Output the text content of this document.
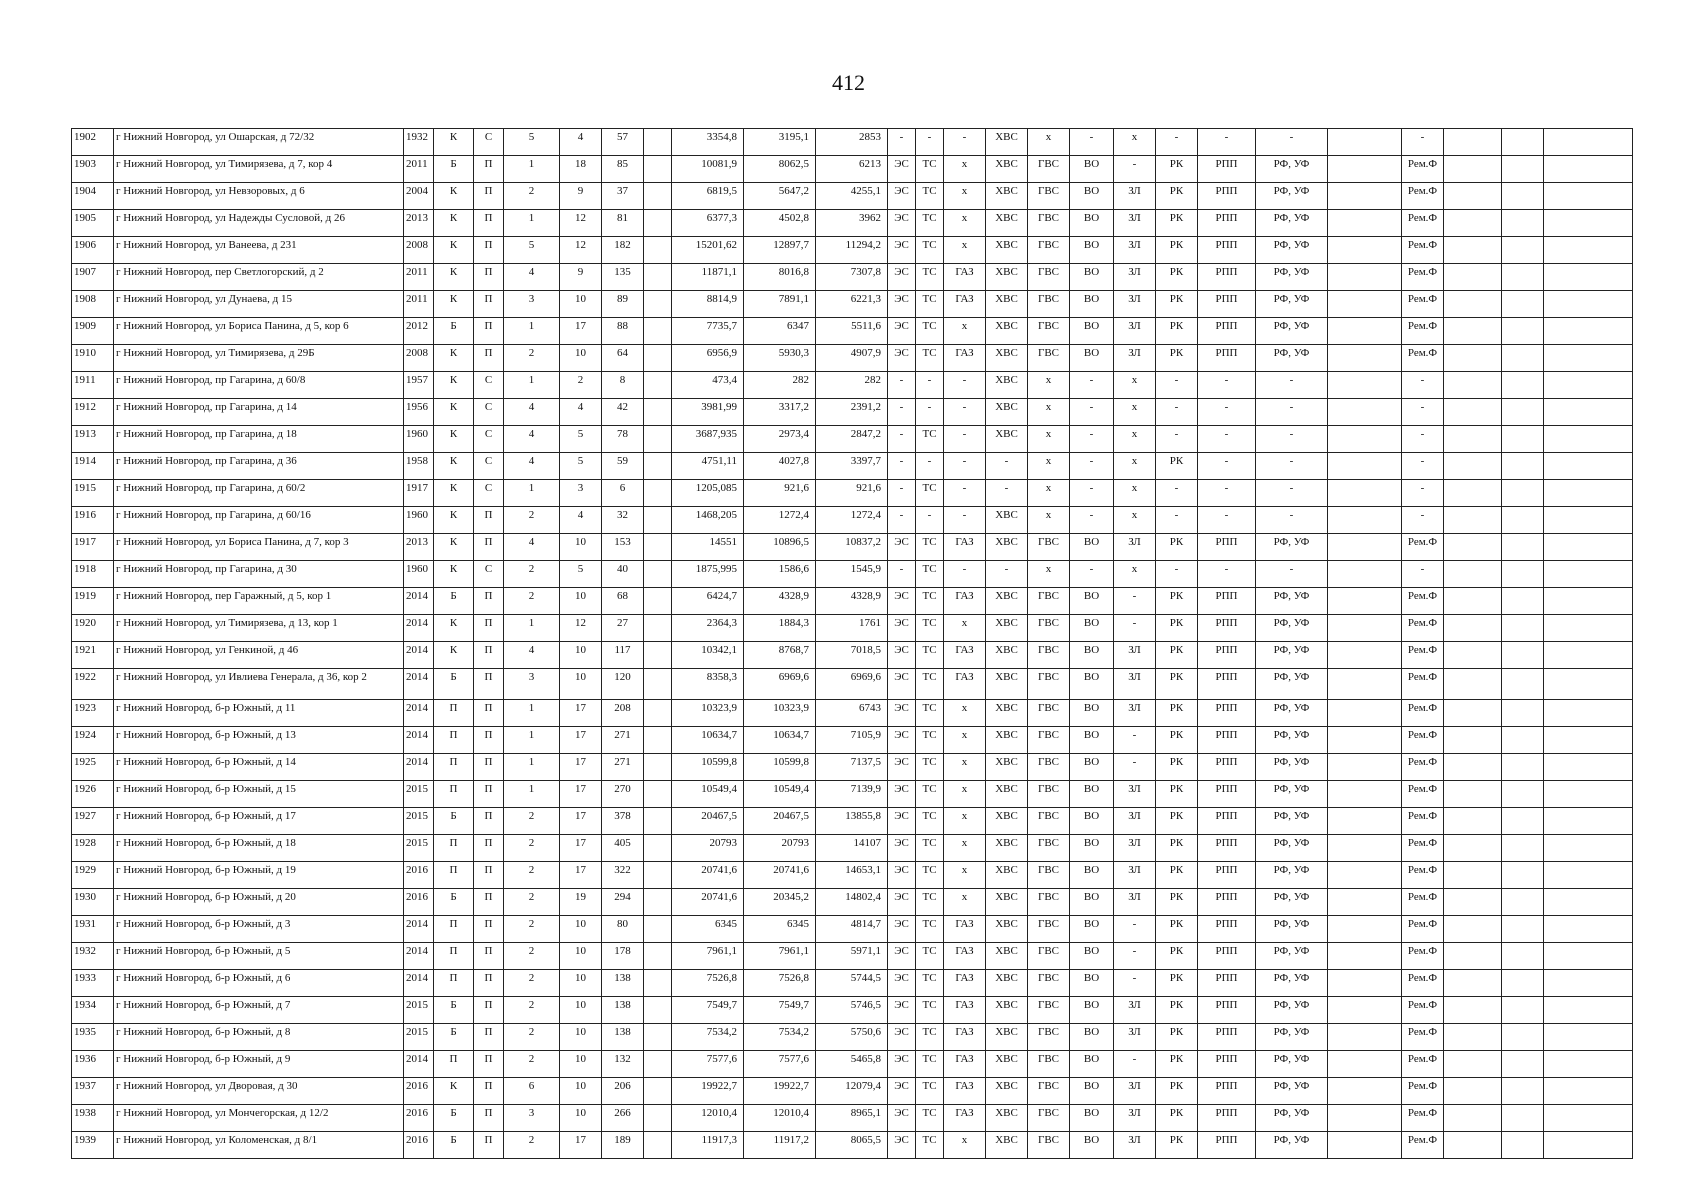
412
1902	г Нижний Новгород, ул Ошарская, д 72/32	1932	К	С	5	4	57		3354,8	3195,1	2853	-	-	-	ХВС	х	-	х	-	-	-		-			
1903	г Нижний Новгород, ул Тимирязева, д 7, кор 4	2011	Б	П	1	18	85		10081,9	8062,5	6213	ЭС	ТС	х	ХВС	ГВС	ВО	-	РК	РПП	РФ, УФ		Рем.Ф			
1904	г Нижний Новгород, ул Невзоровых, д 6	2004	К	П	2	9	37		6819,5	5647,2	4255,1	ЭС	ТС	х	ХВС	ГВС	ВО	ЗЛ	РК	РПП	РФ, УФ		Рем.Ф			
1905	г Нижний Новгород, ул Надежды Сусловой, д 26	2013	К	П	1	12	81		6377,3	4502,8	3962	ЭС	ТС	х	ХВС	ГВС	ВО	ЗЛ	РК	РПП	РФ, УФ		Рем.Ф			
1906	г Нижний Новгород, ул Ванеева, д 231	2008	К	П	5	12	182		15201,62	12897,7	11294,2	ЭС	ТС	х	ХВС	ГВС	ВО	ЗЛ	РК	РПП	РФ, УФ		Рем.Ф			
1907	г Нижний Новгород, пер Светлогорский, д 2	2011	К	П	4	9	135		11871,1	8016,8	7307,8	ЭС	ТС	ГАЗ	ХВС	ГВС	ВО	ЗЛ	РК	РПП	РФ, УФ		Рем.Ф			
1908	г Нижний Новгород, ул Дунаева, д 15	2011	К	П	3	10	89		8814,9	7891,1	6221,3	ЭС	ТС	ГАЗ	ХВС	ГВС	ВО	ЗЛ	РК	РПП	РФ, УФ		Рем.Ф			
1909	г Нижний Новгород, ул Бориса Панина, д 5, кор 6	2012	Б	П	1	17	88		7735,7	6347	5511,6	ЭС	ТС	х	ХВС	ГВС	ВО	ЗЛ	РК	РПП	РФ, УФ		Рем.Ф			
1910	г Нижний Новгород, ул Тимирязева, д 29Б	2008	К	П	2	10	64		6956,9	5930,3	4907,9	ЭС	ТС	ГАЗ	ХВС	ГВС	ВО	ЗЛ	РК	РПП	РФ, УФ		Рем.Ф			
1911	г Нижний Новгород, пр Гагарина, д 60/8	1957	К	С	1	2	8		473,4	282	282	-	-	-	ХВС	х	-	х	-	-	-		-			
1912	г Нижний Новгород, пр Гагарина, д 14	1956	К	С	4	4	42		3981,99	3317,2	2391,2	-	-	-	ХВС	х	-	х	-	-	-		-			
1913	г Нижний Новгород, пр Гагарина, д 18	1960	К	С	4	5	78		3687,935	2973,4	2847,2	-	ТС	-	ХВС	х	-	х	-	-	-		-			
1914	г Нижний Новгород, пр Гагарина, д 36	1958	К	С	4	5	59		4751,11	4027,8	3397,7	-	-	-	-	х	-	х	РК	-	-		-			
1915	г Нижний Новгород, пр Гагарина, д 60/2	1917	К	С	1	3	6		1205,085	921,6	921,6	-	ТС	-	-	х	-	х	-	-	-		-			
1916	г Нижний Новгород, пр Гагарина, д 60/16	1960	К	П	2	4	32		1468,205	1272,4	1272,4	-	-	-	ХВС	х	-	х	-	-	-		-			
1917	г Нижний Новгород, ул Бориса Панина, д 7, кор 3	2013	К	П	4	10	153		14551	10896,5	10837,2	ЭС	ТС	ГАЗ	ХВС	ГВС	ВО	ЗЛ	РК	РПП	РФ, УФ		Рем.Ф			
1918	г Нижний Новгород, пр Гагарина, д 30	1960	К	С	2	5	40		1875,995	1586,6	1545,9	-	ТС	-	-	х	-	х	-	-	-		-			
1919	г Нижний Новгород, пер Гаражный, д 5, кор 1	2014	Б	П	2	10	68		6424,7	4328,9	4328,9	ЭС	ТС	ГАЗ	ХВС	ГВС	ВО	-	РК	РПП	РФ, УФ		Рем.Ф			
1920	г Нижний Новгород, ул Тимирязева, д 13, кор 1	2014	К	П	1	12	27		2364,3	1884,3	1761	ЭС	ТС	х	ХВС	ГВС	ВО	-	РК	РПП	РФ, УФ		Рем.Ф			
1921	г Нижний Новгород, ул Генкиной, д 46	2014	К	П	4	10	117		10342,1	8768,7	7018,5	ЭС	ТС	ГАЗ	ХВС	ГВС	ВО	ЗЛ	РК	РПП	РФ, УФ		Рем.Ф			
1922	г Нижний Новгород, ул Ивлиева Генерала, д 36, кор 2	2014	Б	П	3	10	120		8358,3	6969,6	6969,6	ЭС	ТС	ГАЗ	ХВС	ГВС	ВО	ЗЛ	РК	РПП	РФ, УФ		Рем.Ф			
1923	г Нижний Новгород, б-р Южный, д 11	2014	П	П	1	17	208		10323,9	10323,9	6743	ЭС	ТС	х	ХВС	ГВС	ВО	ЗЛ	РК	РПП	РФ, УФ		Рем.Ф			
1924	г Нижний Новгород, б-р Южный, д 13	2014	П	П	1	17	271		10634,7	10634,7	7105,9	ЭС	ТС	х	ХВС	ГВС	ВО	-	РК	РПП	РФ, УФ		Рем.Ф			
1925	г Нижний Новгород, б-р Южный, д 14	2014	П	П	1	17	271		10599,8	10599,8	7137,5	ЭС	ТС	х	ХВС	ГВС	ВО	-	РК	РПП	РФ, УФ		Рем.Ф			
1926	г Нижний Новгород, б-р Южный, д 15	2015	П	П	1	17	270		10549,4	10549,4	7139,9	ЭС	ТС	х	ХВС	ГВС	ВО	ЗЛ	РК	РПП	РФ, УФ		Рем.Ф			
1927	г Нижний Новгород, б-р Южный, д 17	2015	Б	П	2	17	378		20467,5	20467,5	13855,8	ЭС	ТС	х	ХВС	ГВС	ВО	ЗЛ	РК	РПП	РФ, УФ		Рем.Ф			
1928	г Нижний Новгород, б-р Южный, д 18	2015	П	П	2	17	405		20793	20793	14107	ЭС	ТС	х	ХВС	ГВС	ВО	ЗЛ	РК	РПП	РФ, УФ		Рем.Ф			
1929	г Нижний Новгород, б-р Южный, д 19	2016	П	П	2	17	322		20741,6	20741,6	14653,1	ЭС	ТС	х	ХВС	ГВС	ВО	ЗЛ	РК	РПП	РФ, УФ		Рем.Ф			
1930	г Нижний Новгород, б-р Южный, д 20	2016	Б	П	2	19	294		20741,6	20345,2	14802,4	ЭС	ТС	х	ХВС	ГВС	ВО	ЗЛ	РК	РПП	РФ, УФ		Рем.Ф			
1931	г Нижний Новгород, б-р Южный, д 3	2014	П	П	2	10	80		6345	6345	4814,7	ЭС	ТС	ГАЗ	ХВС	ГВС	ВО	-	РК	РПП	РФ, УФ		Рем.Ф			
1932	г Нижний Новгород, б-р Южный, д 5	2014	П	П	2	10	178		7961,1	7961,1	5971,1	ЭС	ТС	ГАЗ	ХВС	ГВС	ВО	-	РК	РПП	РФ, УФ		Рем.Ф			
1933	г Нижний Новгород, б-р Южный, д 6	2014	П	П	2	10	138		7526,8	7526,8	5744,5	ЭС	ТС	ГАЗ	ХВС	ГВС	ВО	-	РК	РПП	РФ, УФ		Рем.Ф			
1934	г Нижний Новгород, б-р Южный, д 7	2015	Б	П	2	10	138		7549,7	7549,7	5746,5	ЭС	ТС	ГАЗ	ХВС	ГВС	ВО	ЗЛ	РК	РПП	РФ, УФ		Рем.Ф			
1935	г Нижний Новгород, б-р Южный, д 8	2015	Б	П	2	10	138		7534,2	7534,2	5750,6	ЭС	ТС	ГАЗ	ХВС	ГВС	ВО	ЗЛ	РК	РПП	РФ, УФ		Рем.Ф			
1936	г Нижний Новгород, б-р Южный, д 9	2014	П	П	2	10	132		7577,6	7577,6	5465,8	ЭС	ТС	ГАЗ	ХВС	ГВС	ВО	-	РК	РПП	РФ, УФ		Рем.Ф			
1937	г Нижний Новгород, ул Дворовая, д 30	2016	К	П	6	10	206		19922,7	19922,7	12079,4	ЭС	ТС	ГАЗ	ХВС	ГВС	ВО	ЗЛ	РК	РПП	РФ, УФ		Рем.Ф			
1938	г Нижний Новгород, ул Мончегорская, д 12/2	2016	Б	П	3	10	266		12010,4	12010,4	8965,1	ЭС	ТС	ГАЗ	ХВС	ГВС	ВО	ЗЛ	РК	РПП	РФ, УФ		Рем.Ф			
1939	г Нижний Новгород, ул Коломенская, д 8/1	2016	Б	П	2	17	189		11917,3	11917,2	8065,5	ЭС	ТС	х	ХВС	ГВС	ВО	ЗЛ	РК	РПП	РФ, УФ		Рем.Ф			
